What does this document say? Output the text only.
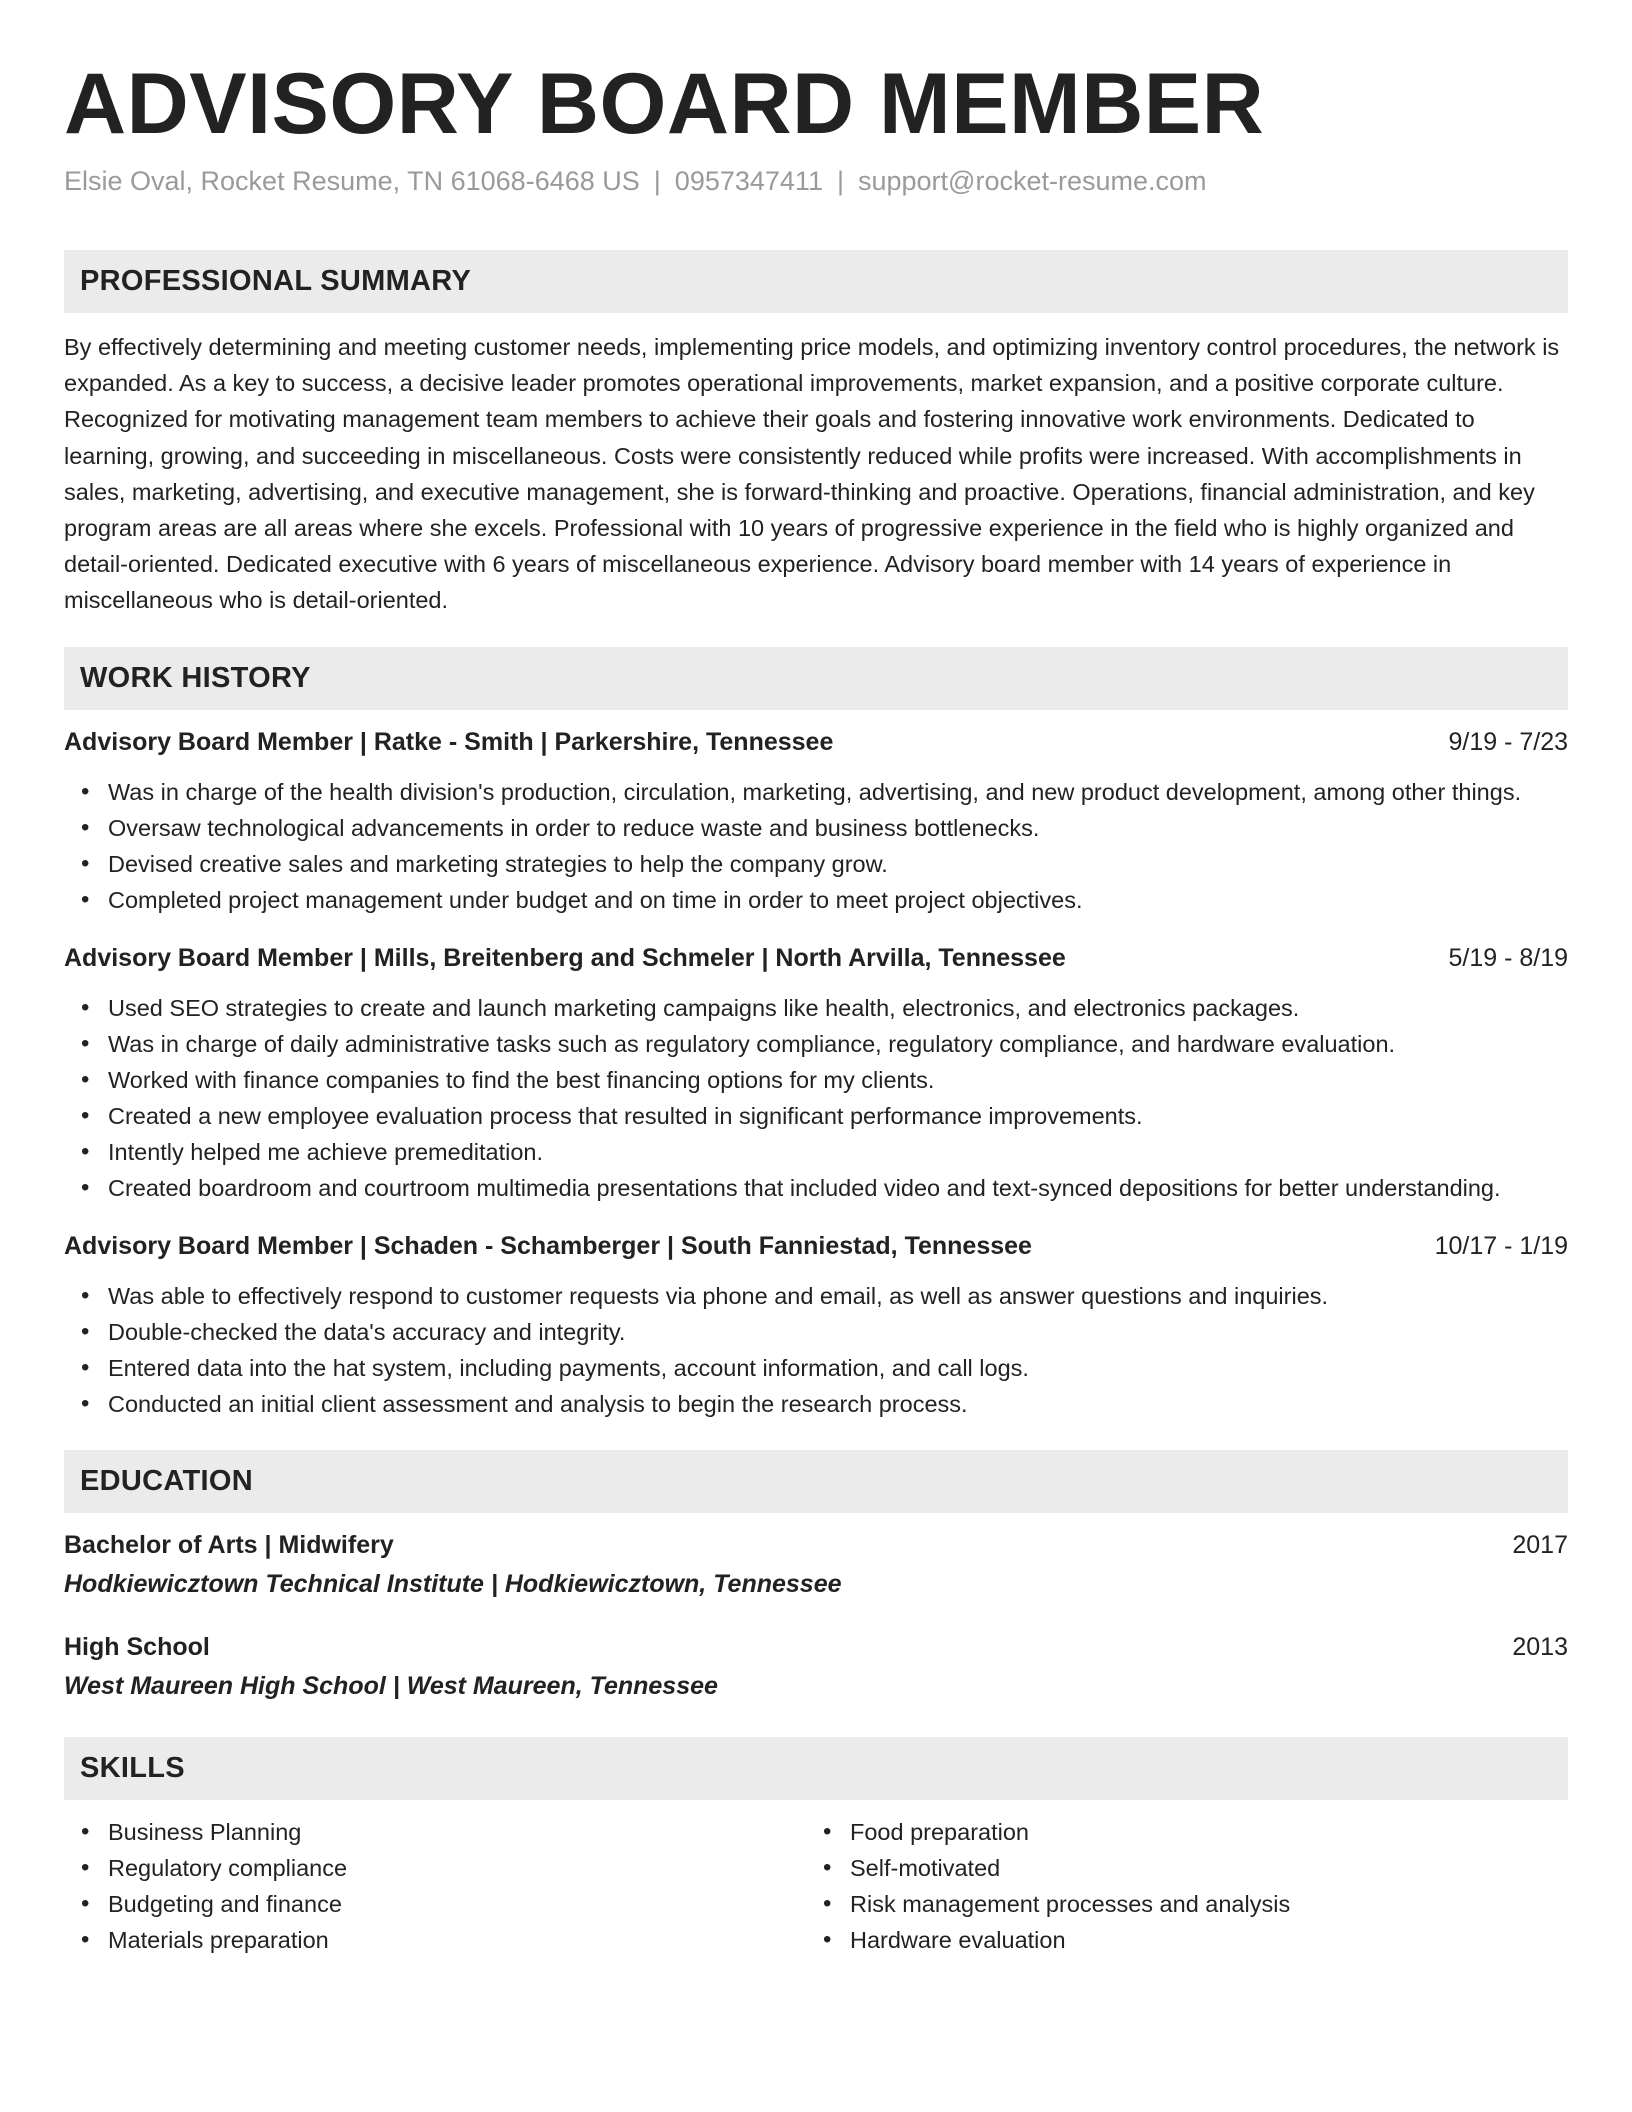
ADVISORY BOARD MEMBER
Elsie Oval, Rocket Resume, TN 61068-6468 US | 0957347411 | support@rocket-resume.com
PROFESSIONAL SUMMARY

By effectively determining and meeting customer needs, implementing price models, and optimizing inventory control procedures, the network is expanded. As a key to success, a decisive leader promotes operational improvements, market expansion, and a positive corporate culture. Recognized for motivating management team members to achieve their goals and fostering innovative work environments. Dedicated to learning, growing, and succeeding in miscellaneous. Costs were consistently reduced while profits were increased. With accomplishments in sales, marketing, advertising, and executive management, she is forward-thinking and proactive. Operations, financial administration, and key program areas are all areas where she excels. Professional with 10 years of progressive experience in the field who is highly organized and detail-oriented. Dedicated executive with 6 years of miscellaneous experience. Advisory board member with 14 years of experience in miscellaneous who is detail-oriented.

WORK HISTORY
Advisory Board Member | Ratke - Smith | Parkershire, Tennessee	9/19 - 7/23
• Was in charge of the health division's production, circulation, marketing, advertising, and new product development, among other things.
• Oversaw technological advancements in order to reduce waste and business bottlenecks.
• Devised creative sales and marketing strategies to help the company grow.
• Completed project management under budget and on time in order to meet project objectives.
Advisory Board Member | Mills, Breitenberg and Schmeler | North Arvilla, Tennessee	5/19 - 8/19
• Used SEO strategies to create and launch marketing campaigns like health, electronics, and electronics packages.
• Was in charge of daily administrative tasks such as regulatory compliance, regulatory compliance, and hardware evaluation.
• Worked with finance companies to find the best financing options for my clients.
• Created a new employee evaluation process that resulted in significant performance improvements.
• Intently helped me achieve premeditation.
• Created boardroom and courtroom multimedia presentations that included video and text-synced depositions for better understanding.
Advisory Board Member | Schaden - Schamberger | South Fanniestad, Tennessee	10/17 - 1/19
• Was able to effectively respond to customer requests via phone and email, as well as answer questions and inquiries.
• Double-checked the data's accuracy and integrity.
• Entered data into the hat system, including payments, account information, and call logs.
• Conducted an initial client assessment and analysis to begin the research process.
EDUCATION
Bachelor of Arts | Midwifery	2017
Hodkiewicztown Technical Institute | Hodkiewicztown, Tennessee
High School	2013
West Maureen High School | West Maureen, Tennessee
SKILLS
• Business Planning
• Regulatory compliance
• Budgeting and finance
• Materials preparation
• Food preparation
• Self-motivated
• Risk management processes and analysis
• Hardware evaluation
